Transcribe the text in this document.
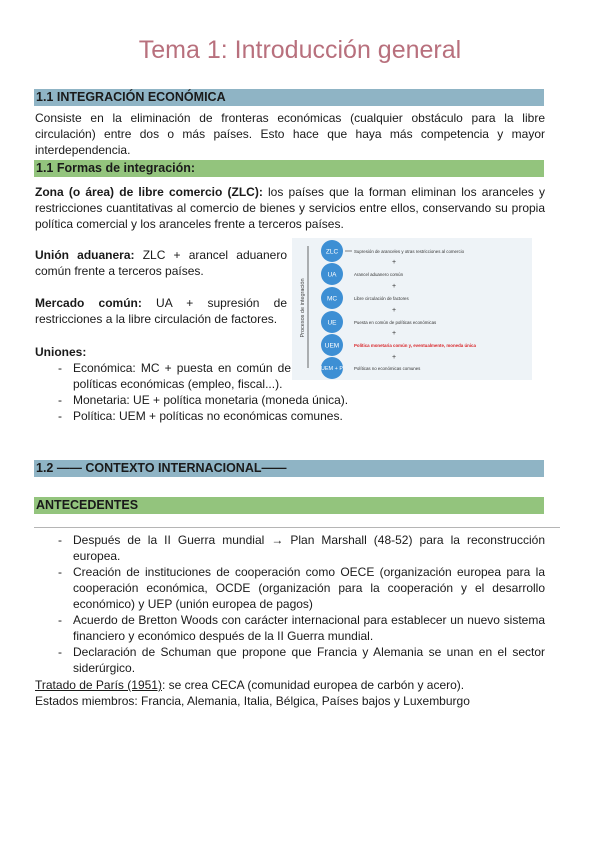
Tema 1: Introducción general
1.1 INTEGRACIÓN ECONÓMICA
Consiste en la eliminación de fronteras económicas (cualquier obstáculo para la libre circulación) entre dos o más países. Esto hace que haya más competencia y mayor interdependencia.
1.1 Formas de integración:
Zona (o área) de libre comercio (ZLC): los países que la forman eliminan los aranceles y restricciones cuantitativas al comercio de bienes y servicios entre ellos, conservando su propia política comercial y los aranceles frente a terceros países.
Unión aduanera: ZLC + arancel aduanero común frente a terceros países.
Mercado común: UA + supresión de restricciones a la libre circulación de factores.
Uniones:
- Económica: MC + puesta en común de políticas económicas (empleo, fiscal...).
- Monetaria: UE + política monetaria (moneda única).
- Política: UEM + políticas no económicas comunes.
Procesos de integración
ZLC
UA
MC
UE
UEM
UEM + P
Supresión de aranceles y otras restricciones al comercio
+
Arancel aduanero común
+
Libre circulación de factores
+
Puesta en común de políticas económicas
+
Política monetaria común y, eventualmente, moneda única
+
Políticas no económicas comunes
1.2 —— CONTEXTO INTERNACIONAL——
ANTECEDENTES
- Después de la II Guerra mundial → Plan Marshall (48-52) para la reconstrucción europea.
- Creación de instituciones de cooperación como OECE (organización europea para la cooperación económica, OCDE (organización para la cooperación y el desarrollo económico) y UEP (unión europea de pagos)
- Acuerdo de Bretton Woods con carácter internacional para establecer un nuevo sistema financiero y económico después de la II Guerra mundial.
- Declaración de Schuman que propone que Francia y Alemania se unan en el sector siderúrgico.
Tratado de París (1951): se crea CECA (comunidad europea de carbón y acero).
Estados miembros: Francia, Alemania, Italia, Bélgica, Países bajos y Luxemburgo
